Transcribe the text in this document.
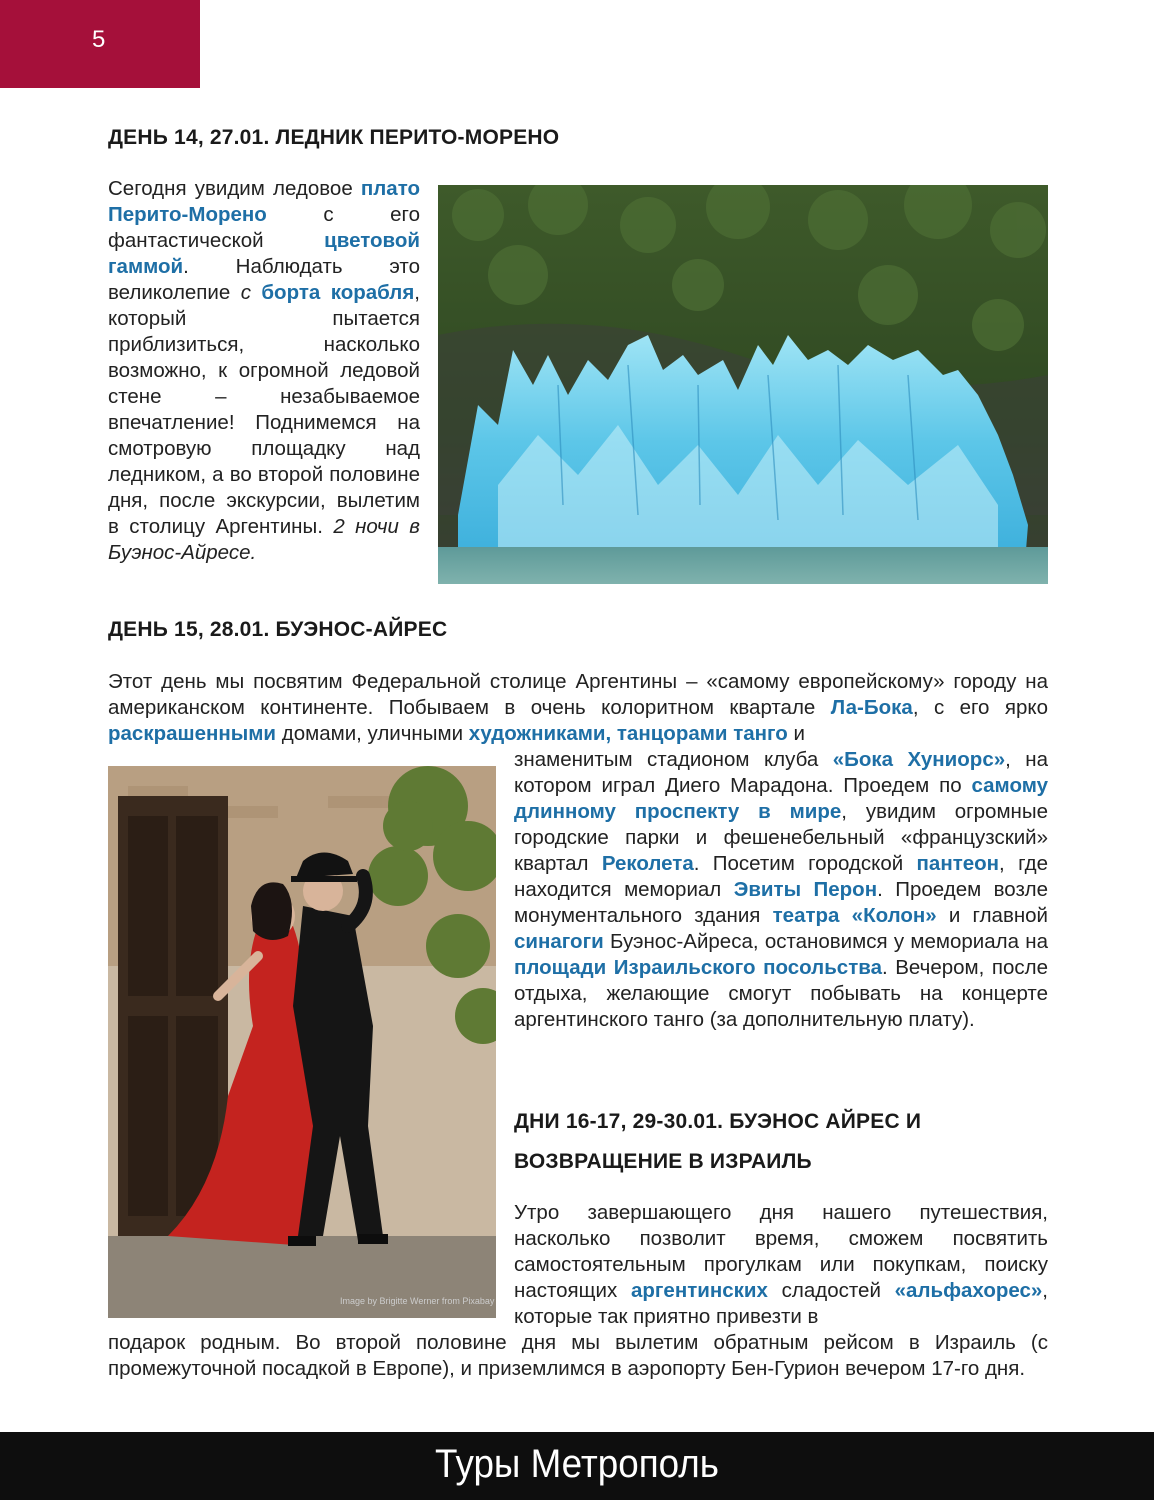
5
ДЕНЬ 14, 27.01. ЛЕДНИК ПЕРИТО-МОРЕНО
Сегодня увидим ледовое плато Перито-Морено с его фантастической цветовой гаммой. Наблюдать это великолепие с борта корабля, который пытается приблизиться, насколько возможно, к огромной ледовой стене – незабываемое впечатление! Поднимемся на смотровую площадку над ледником, а во второй половине дня, после экскурсии, вылетим в столицу Аргентины. 2 ночи в Буэнос-Айресе.
ДЕНЬ 15, 28.01. БУЭНОС-АЙРЕС
Этот день мы посвятим Федеральной столице Аргентины – «самому европейскому» городу на американском континенте. Побываем в очень колоритном квартале Ла-Бока, с его ярко раскрашенными домами, уличными художниками, танцорами танго и
Image by Brigitte Werner from Pixabay
знаменитым стадионом клуба «Бока Хуниорс», на котором играл Диего Марадона. Проедем по самому длинному проспекту в мире, увидим огромные городские парки и фешенебельный «французский» квартал Реколета. Посетим городской пантеон, где находится мемориал Эвиты Перон. Проедем возле монументального здания театра «Колон» и главной синагоги Буэнос-Айреса, остановимся у мемориала на площади Израильского посольства. Вечером, после отдыха, желающие смогут побывать на концерте аргентинского танго (за дополнительную плату).
ДНИ 16-17, 29-30.01. БУЭНОС АЙРЕС И
ВОЗВРАЩЕНИЕ В ИЗРАИЛЬ
Утро завершающего дня нашего путешествия, насколько позволит время, сможем посвятить самостоятельным прогулкам или покупкам, поиску настоящих аргентинских сладостей «альфахорес», которые так приятно привезти в
подарок родным. Во второй половине дня мы вылетим обратным рейсом в Израиль (с промежуточной посадкой в Европе), и приземлимся в аэропорту Бен-Гурион вечером 17-го дня.
Туры Метрополь
